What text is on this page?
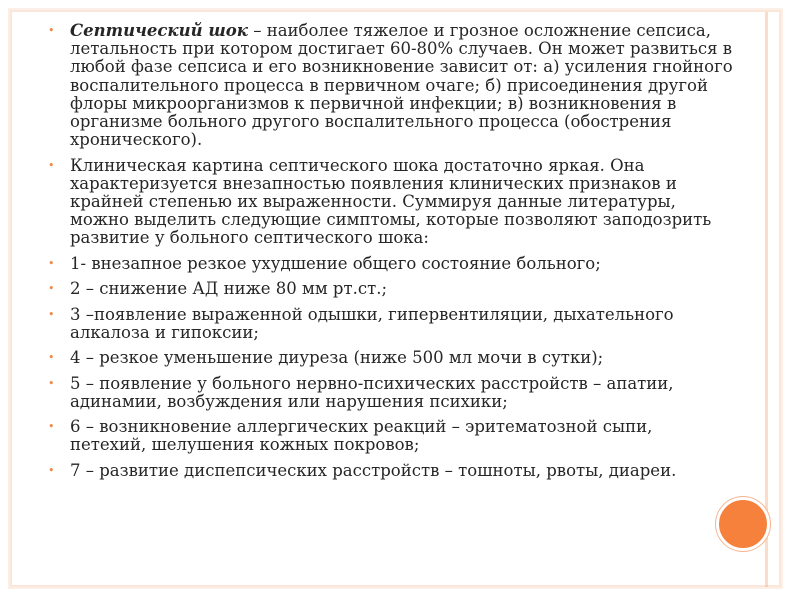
• Септический шок – наиболее тяжелое и грозное осложнение сепсиса, летальность при котором достигает 60-80% случаев. Он может развиться в любой фазе сепсиса и его возникновение зависит от: а) усиления гнойного воспалительного процесса в первичном очаге; б) присоединения другой флоры микроорганизмов к первичной инфекции; в) возникновения в организме больного другого воспалительного процесса (обострения хронического).
• Клиническая картина септического шока достаточно яркая. Она характеризуется внезапностью появления клинических признаков и крайней степенью их выраженности. Суммируя данные литературы, можно выделить следующие симптомы, которые позволяют заподозрить развитие у больного септического шока:
• 1- внезапное резкое ухудшение общего состояние больного;
• 2 – снижение АД ниже 80 мм рт.ст.;
• 3 –появление выраженной одышки, гипервентиляции, дыхательного алкалоза и гипоксии;
• 4 – резкое уменьшение диуреза (ниже 500 мл мочи в сутки);
• 5 – появление у больного нервно-психических расстройств – апатии, адинамии, возбуждения или нарушения психики;
• 6 – возникновение аллергических реакций – эритематозной сыпи, петехий, шелушения кожных покровов;
• 7 – развитие диспепсических расстройств – тошноты, рвоты, диареи.
